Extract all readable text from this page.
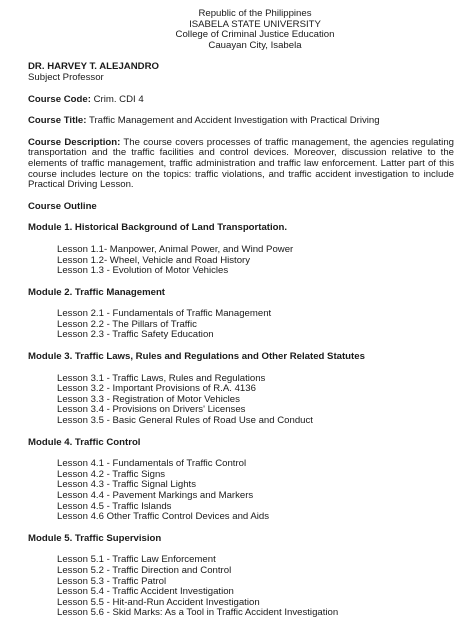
Republic of the Philippines
ISABELA STATE UNIVERSITY
College of Criminal Justice Education
Cauayan City, Isabela
DR. HARVEY T. ALEJANDRO
Subject Professor
Course Code: Crim. CDI 4
Course Title: Traffic Management and Accident Investigation with Practical Driving
Course Description: The course covers processes of traffic management, the agencies regulating transportation and the traffic facilities and control devices. Moreover, discussion relative to the elements of traffic management, traffic administration and traffic law enforcement. Latter part of this course includes lecture on the topics: traffic violations, and traffic accident investigation to include Practical Driving Lesson.
Course Outline
Module 1. Historical Background of Land Transportation.
Lesson 1.1- Manpower, Animal Power, and Wind Power
Lesson 1.2- Wheel, Vehicle and Road History
Lesson 1.3 - Evolution of Motor Vehicles
Module 2. Traffic Management
Lesson 2.1 - Fundamentals of Traffic Management
Lesson 2.2 - The Pillars of Traffic
Lesson 2.3 - Traffic Safety Education
Module 3. Traffic Laws, Rules and Regulations and Other Related Statutes
Lesson 3.1 - Traffic Laws, Rules and Regulations
Lesson 3.2 - Important Provisions of R.A. 4136
Lesson 3.3 - Registration of Motor Vehicles
Lesson 3.4 - Provisions on Drivers' Licenses
Lesson 3.5 - Basic General Rules of Road Use and Conduct
Module 4. Traffic Control
Lesson 4.1 - Fundamentals of Traffic Control
Lesson 4.2 - Traffic Signs
Lesson 4.3 - Traffic Signal Lights
Lesson 4.4 - Pavement Markings and Markers
Lesson 4.5 - Traffic Islands
Lesson 4.6 Other Traffic Control Devices and Aids
Module 5. Traffic Supervision
Lesson 5.1 - Traffic Law Enforcement
Lesson 5.2 - Traffic Direction and Control
Lesson 5.3 - Traffic Patrol
Lesson 5.4 - Traffic Accident Investigation
Lesson 5.5 - Hit-and-Run Accident Investigation
Lesson 5.6 - Skid Marks: As a Tool in Traffic Accident Investigation
